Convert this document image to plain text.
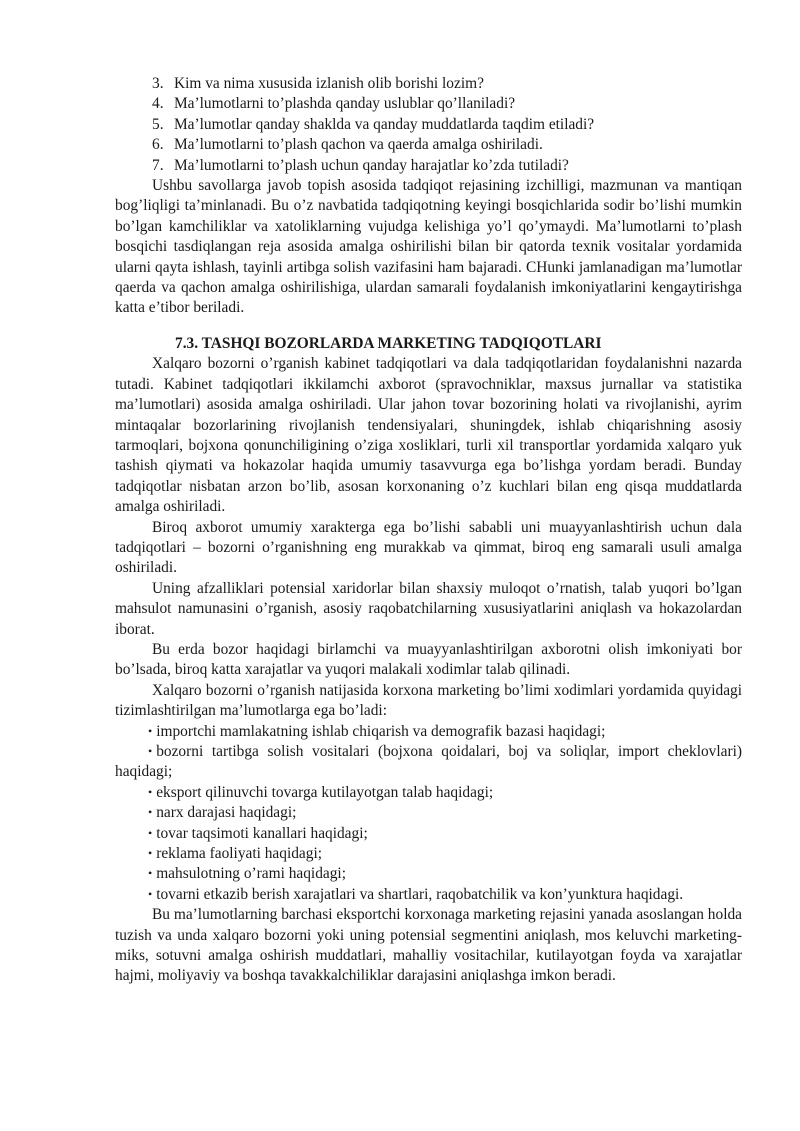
3. Kim va nima xususida izlanish olib borishi lozim?

4. Ma’lumotlarni to’plashda qanday uslublar qo’llaniladi?

5. Ma’lumotlar qanday shaklda va qanday muddatlarda taqdim etiladi?

6. Ma’lumotlarni to’plash qachon va qaerda amalga oshiriladi.

7. Ma’lumotlarni to’plash uchun qanday harajatlar ko’zda tutiladi?

Ushbu savollarga javob topish asosida tadqiqot rejasining izchilligi, mazmunan va mantiqan bog’liqligi ta’minlanadi. Bu o’z navbatida tadqiqotning keyingi bosqichlarida sodir bo’lishi mumkin bo’lgan kamchiliklar va xatoliklarning vujudga kelishiga yo’l qo’ymaydi. Ma’lumotlarni to’plash bosqichi tasdiqlangan reja asosida amalga oshirilishi bilan bir qatorda texnik vositalar yordamida ularni qayta ishlash, tayinli artibga solish vazifasini ham bajaradi. CHunki jamlanadigan ma’lumotlar qaerda va qachon amalga oshirilishiga, ulardan samarali foydalanish imkoniyatlarini kengaytirishga katta e’tibor beriladi.

7.3. TASHQI BOZORLARDA MARKETING TADQIQOTLARI

Xalqaro bozorni o’rganish kabinet tadqiqotlari va dala tadqiqotlaridan foydalanishni nazarda tutadi. Kabinet tadqiqotlari ikkilamchi axborot (spravochniklar, maxsus jurnallar va statistika ma’lumotlari) asosida amalga oshiriladi. Ular jahon tovar bozorining holati va rivojlanishi, ayrim mintaqalar bozorlarining rivojlanish tendensiyalari, shuningdek, ishlab chiqarishning asosiy tarmoqlari, bojxona qonunchiligining o’ziga xosliklari, turli xil transportlar yordamida xalqaro yuk tashish qiymati va hokazolar haqida umumiy tasavvurga ega bo’lishga yordam beradi. Bunday tadqiqotlar nisbatan arzon bo’lib, asosan korxonaning o’z kuchlari bilan eng qisqa muddatlarda amalga oshiriladi.

Biroq axborot umumiy xarakterga ega bo’lishi sababli uni muayyanlashtirish uchun dala tadqiqotlari – bozorni o’rganishning eng murakkab va qimmat, biroq eng samarali usuli amalga oshiriladi.

Uning afzalliklari potensial xaridorlar bilan shaxsiy muloqot o’rnatish, talab yuqori bo’lgan mahsulot namunasini o’rganish, asosiy raqobatchilarning xususiyatlarini aniqlash va hokazolardan iborat.

Bu erda bozor haqidagi birlamchi va muayyanlashtirilgan axborotni olish imkoniyati bor bo’lsada, biroq katta xarajatlar va yuqori malakali xodimlar talab qilinadi.

Xalqaro bozorni o’rganish natijasida korxona marketing bo’limi xodimlari yordamida quyidagi tizimlashtirilgan ma’lumotlarga ega bo’ladi:

• importchi mamlakatning ishlab chiqarish va demografik bazasi haqidagi;

• bozorni tartibga solish vositalari (bojxona qoidalari, boj va soliqlar, import cheklovlari) haqidagi;

• eksport qilinuvchi tovarga kutilayotgan talab haqidagi;

• narx darajasi haqidagi;

• tovar taqsimoti kanallari haqidagi;

• reklama faoliyati haqidagi;

• mahsulotning o’rami haqidagi;

• tovarni etkazib berish xarajatlari va shartlari, raqobatchilik va kon’yunktura haqidagi.

Bu ma’lumotlarning barchasi eksportchi korxonaga marketing rejasini yanada asoslangan holda tuzish va unda xalqaro bozorni yoki uning potensial segmentini aniqlash, mos keluvchi marketing-miks, sotuvni amalga oshirish muddatlari, mahalliy vositachilar, kutilayotgan foyda va xarajatlar hajmi, moliyaviy va boshqa tavakkalchiliklar darajasini aniqlashga imkon beradi.
